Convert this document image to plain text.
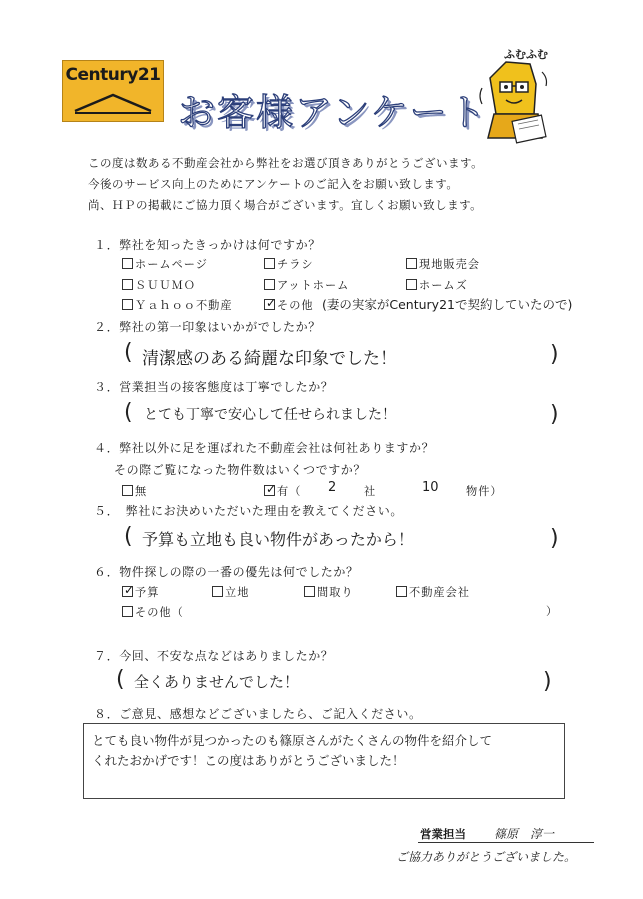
Century21
お客様アンケート
ふむふむ
この度は数ある不動産会社から弊社をお選び頂きありがとうございます。
今後のサービス向上のためにアンケートのご記入をお願い致します。
尚、ＨＰの掲載にご協力頂く場合がございます。宜しくお願い致します。
１．弊社を知ったきっかけは何ですか？
ホームページ	チラシ	現地販売会
ＳＵＵＭＯ	アットホーム	ホームズ
Ｙａｈｏｏ不動産	✓ その他 (妻の実家がCentury21で契約していたので)
２．弊社の第一印象はいかがでしたか？
( 清潔感のある綺麗な印象でした！	)
３．営業担当の接客態度は丁寧でしたか？
( とても丁寧で安心して任せられました！	)
４．弊社以外に足を運ばれた不動産会社は何社ありますか？
その際ご覧になった物件数はいくつですか？
無	✓ 有（ 2 社	10 物件）
５．　弊社にお決めいただいた理由を教えてください。
( 予算も立地も良い物件があったから！	)
６．物件探しの際の一番の優先は何でしたか？
✓ 予算	立地	間取り	不動産会社
その他（	）
７．今回、不安な点などはありましたか？
( 全くありませんでした！	)
８．ご意見、感想などございましたら、ご記入ください。
とても良い物件が見つかったのも篠原さんがたくさんの物件を紹介して
くれたおかげです！この度はありがとうございました！
営業担当 篠原　淳一
ご協力ありがとうございました。
